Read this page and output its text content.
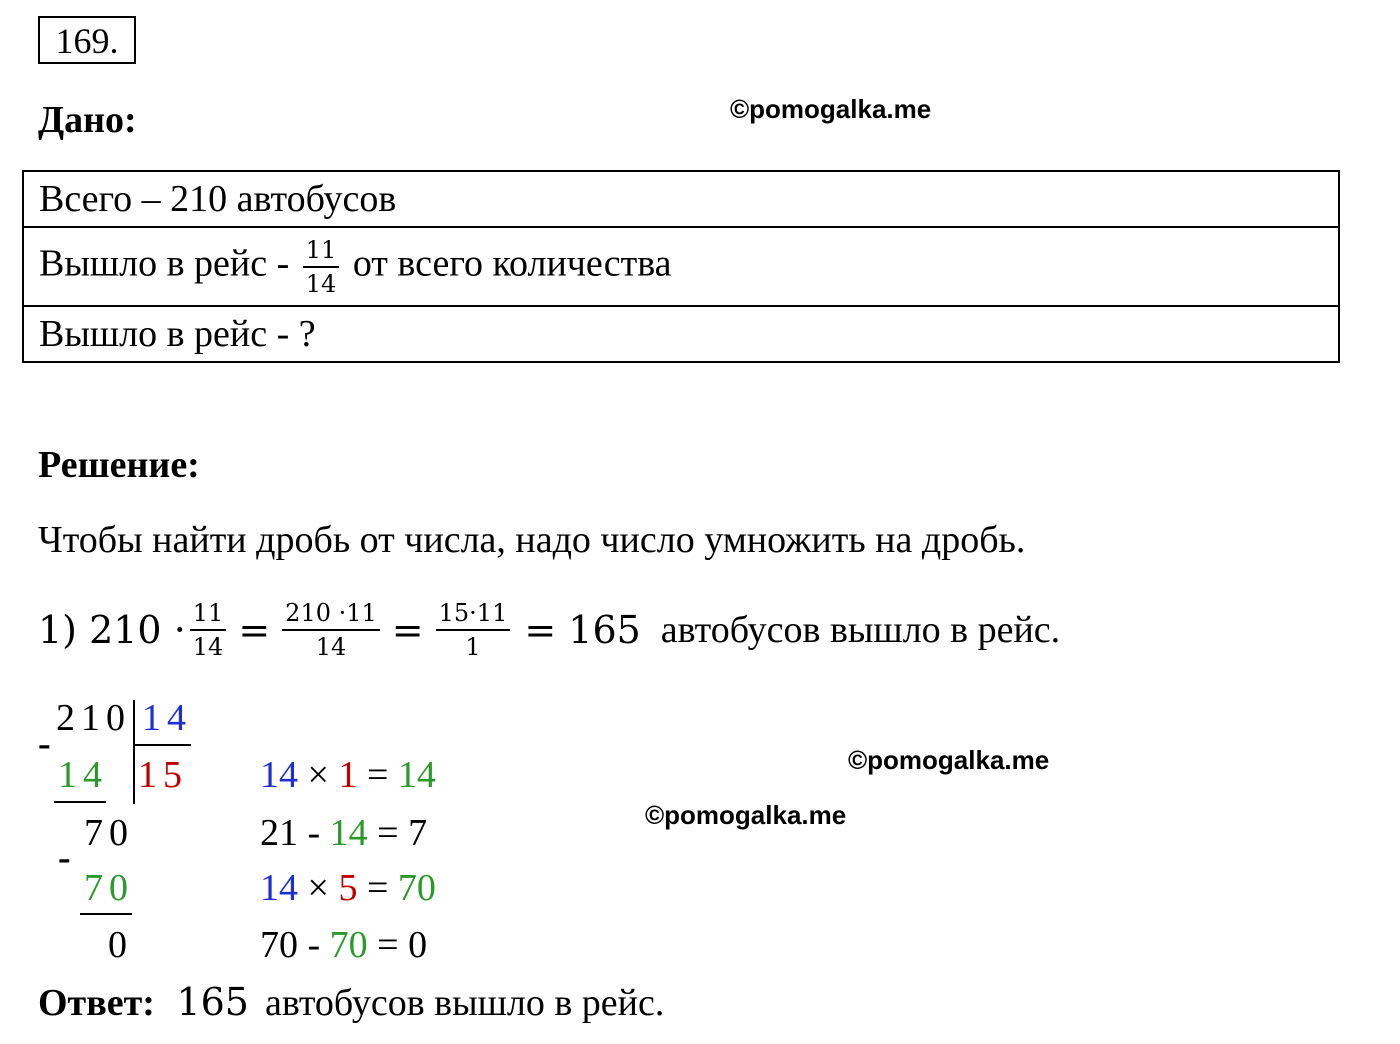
169.
Дано:	©pomogalka.me
©pomogalka.me
©pomogalka.me
Всего – 210 автобусов
Вышло в рейс - $\frac{11}{14}$ от всего количества
Вышло в рейс - ?
Решение:
Чтобы найти дробь от числа, надо число умножить на дробь.
1) $210 \cdot \frac{11}{14} = \frac{210 \cdot 11}{14} = \frac{15\cdot 11}{1} = 165$ автобусов вышло в рейс.
210 14
-
14 15
70
-
70
0
14 × 1 = 14
21 - 14 = 7
14 × 5 = 70
70 - 70 = 0
Ответ: 165 автобусов вышло в рейс.
